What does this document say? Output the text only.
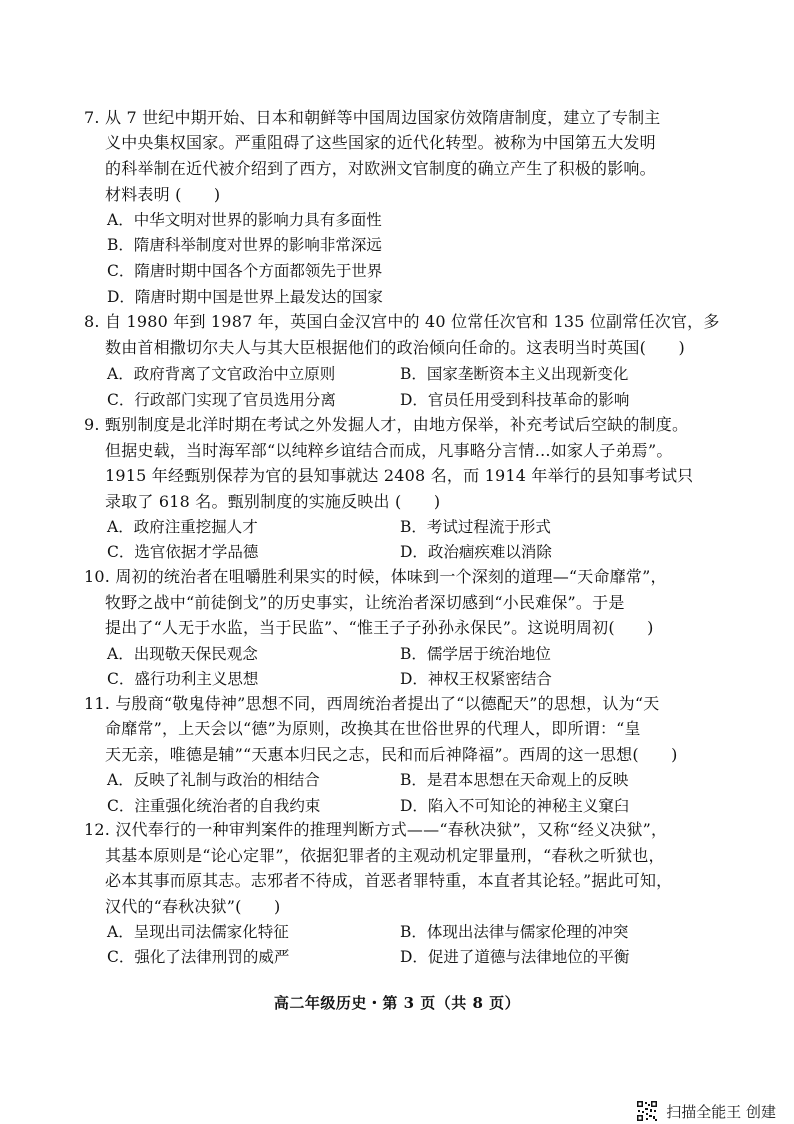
7. 从 7 世纪中期开始、日本和朝鲜等中国周边国家仿效隋唐制度，建立了专制主
义中央集权国家。严重阻碍了这些国家的近代化转型。被称为中国第五大发明
的科举制在近代被介绍到了西方，对欧洲文官制度的确立产生了积极的影响。
材料表明 (　　)
A．中华文明对世界的影响力具有多面性
B．隋唐科举制度对世界的影响非常深远
C．隋唐时期中国各个方面都领先于世界
D．隋唐时期中国是世界上最发达的国家
8. 自 1980 年到 1987 年，英国白金汉宫中的 40 位常任次官和 135 位副常任次官，多
数由首相撒切尔夫人与其大臣根据他们的政治倾向任命的。这表明当时英国(　　)
A．政府背离了文官政治中立原则	B．国家垄断资本主义出现新变化
C．行政部门实现了官员选用分离	D．官员任用受到科技革命的影响
9. 甄别制度是北洋时期在考试之外发掘人才，由地方保举，补充考试后空缺的制度。
但据史载，当时海军部“以纯粹乡谊结合而成，凡事略分言情…如家人子弟焉”。
1915 年经甄别保荐为官的县知事就达 2408 名，而 1914 年举行的县知事考试只
录取了 618 名。甄别制度的实施反映出 (　　)
A．政府注重挖掘人才	B．考试过程流于形式
C．选官依据才学品德	D．政治痼疾难以消除
10. 周初的统治者在咀嚼胜利果实的时候，体味到一个深刻的道理—“天命靡常”，
牧野之战中“前徒倒戈”的历史事实，让统治者深切感到“小民难保”。于是
提出了“人无于水监，当于民监”、“惟王子子孙孙永保民”。这说明周初(　　)
A．出现敬天保民观念	B．儒学居于统治地位
C．盛行功利主义思想	D．神权王权紧密结合
11. 与殷商“敬鬼侍神”思想不同，西周统治者提出了“以德配天”的思想，认为“天
命靡常”，上天会以“德”为原则，改换其在世俗世界的代理人，即所谓：“皇
天无亲，唯德是辅”“天惠本归民之志，民和而后神降福”。西周的这一思想(　　)
A．反映了礼制与政治的相结合	B．是君本思想在天命观上的反映
C．注重强化统治者的自我约束	D．陷入不可知论的神秘主义窠臼
12. 汉代奉行的一种审判案件的推理判断方式——“春秋决狱”，又称“经义决狱”，
其基本原则是“论心定罪”，依据犯罪者的主观动机定罪量刑，“春秋之听狱也，
必本其事而原其志。志邪者不待成，首恶者罪特重，本直者其论轻。”据此可知，
汉代的“春秋决狱”(　　)
A．呈现出司法儒家化特征	B．体现出法律与儒家伦理的冲突
C．强化了法律刑罚的威严	D．促进了道德与法律地位的平衡
高二年级历史・第 3 页（共 8 页）
扫描全能王 创建
